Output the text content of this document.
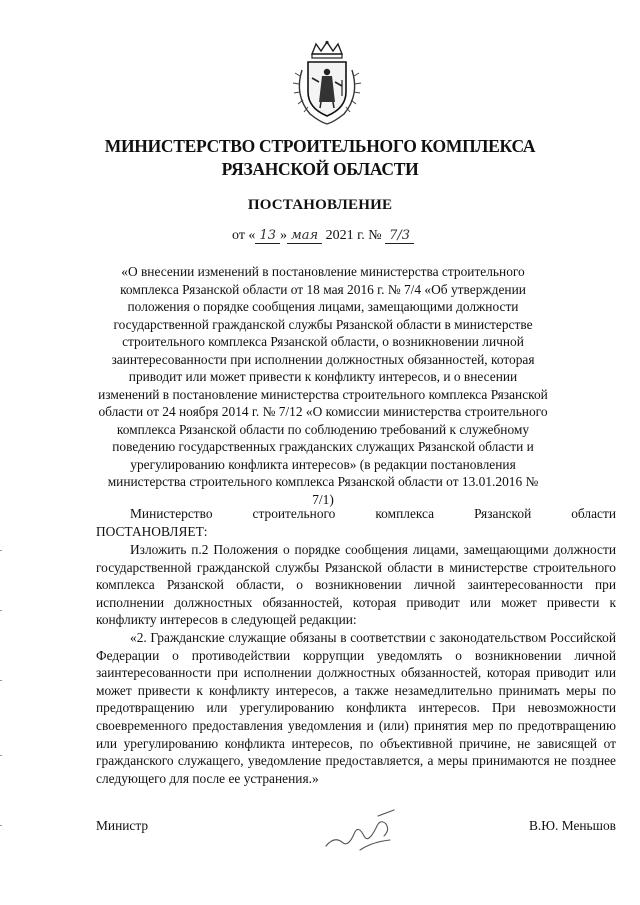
МИНИСТЕРСТВО СТРОИТЕЛЬНОГО КОМПЛЕКСА
РЯЗАНСКОЙ ОБЛАСТИ
ПОСТАНОВЛЕНИЕ
от « 13 » мая 2021 г. № 7/3
«О внесении изменений в постановление министерства строительного комплекса Рязанской области от 18 мая 2016 г. № 7/4 «Об утверждении положения о порядке сообщения лицами, замещающими должности государственной гражданской службы Рязанской области в министерстве строительного комплекса Рязанской области, о возникновении личной заинтересованности при исполнении должностных обязанностей, которая приводит или может привести к конфликту интересов, и о внесении изменений в постановление министерства строительного комплекса Рязанской области от 24 ноября 2014 г. № 7/12 «О комиссии министерства строительного комплекса Рязанской области по соблюдению требований к служебному поведению государственных гражданских служащих Рязанской области и урегулированию конфликта интересов» (в редакции постановления министерства строительного комплекса Рязанской области от 13.01.2016 № 7/1)
Министерство	строительного	комплекса	Рязанской	области
ПОСТАНОВЛЯЕТ:

Изложить п.2 Положения о порядке сообщения лицами, замещающими должности государственной гражданской службы Рязанской области в министерстве строительного комплекса Рязанской области, о возникновении личной заинтересованности при исполнении должностных обязанностей, которая приводит или может привести к конфликту интересов в следующей редакции:

«2. Гражданские служащие обязаны в соответствии с законодательством Российской Федерации о противодействии коррупции уведомлять о возникновении личной заинтересованности при исполнении должностных обязанностей, которая приводит или может привести к конфликту интересов, а также незамедлительно принимать меры по предотвращению или урегулированию конфликта интересов. При невозможности своевременного предоставления уведомления и (или) принятия мер по предотвращению или урегулированию конфликта интересов, по объективной причине, не зависящей от гражданского служащего, уведомление предоставляется, а меры принимаются не позднее следующего для после ее устранения.»

Министр	В.Ю. Меньшов
